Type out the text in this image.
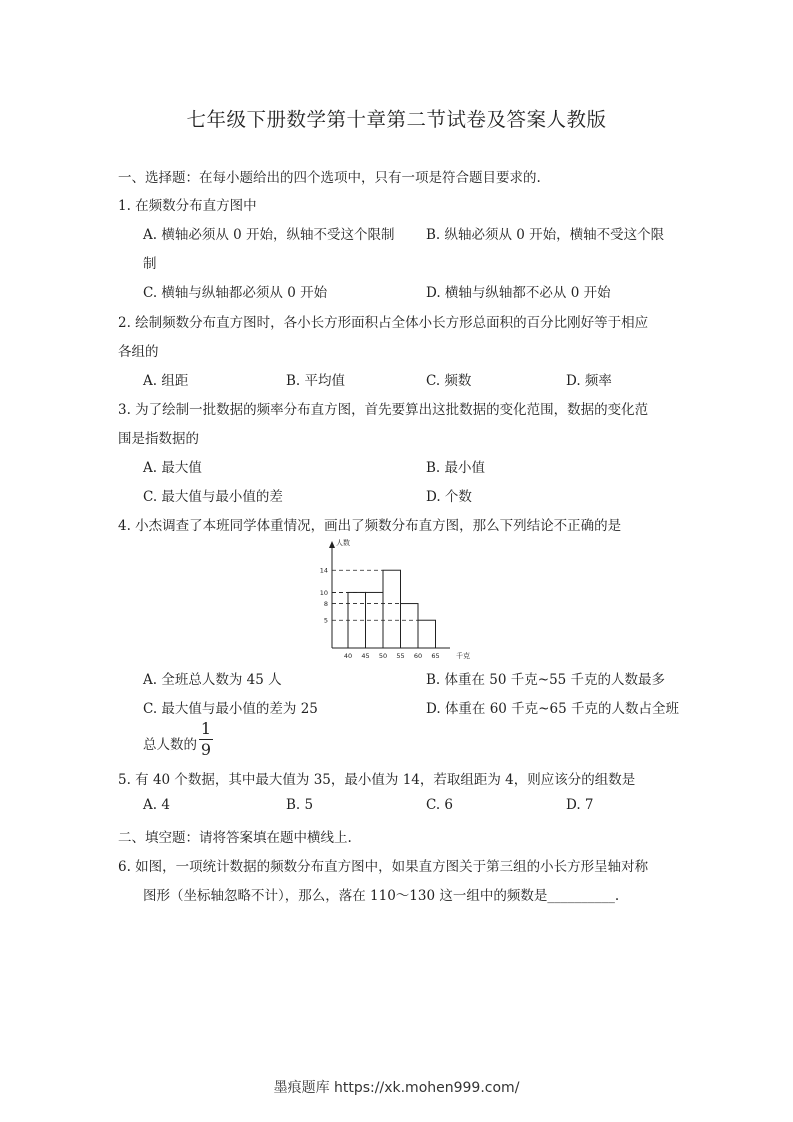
七年级下册数学第十章第二节试卷及答案人教版
一、选择题：在每小题给出的四个选项中，只有一项是符合题目要求的.
1. 在频数分布直方图中
A. 横轴必须从 0 开始，纵轴不受这个限制 B. 纵轴必须从 0 开始，横轴不受这个限
制
C. 横轴与纵轴都必须从 0 开始	D. 横轴与纵轴都不必从 0 开始
2. 绘制频数分布直方图时，各小长方形面积占全体小长方形总面积的百分比刚好等于相应
各组的
A. 组距	B. 平均值	C. 频数	D. 频率
3. 为了绘制一批数据的频率分布直方图，首先要算出这批数据的变化范围，数据的变化范
围是指数据的
A. 最大值	B. 最小值
C. 最大值与最小值的差	D. 个数
4. 小杰调查了本班同学体重情况，画出了频数分布直方图，那么下列结论不正确的是
14
10
8
5
40 45 50 55 60 65
人数
千克
A. 全班总人数为 45 人	B. 体重在 50 千克~55 千克的人数最多
C. 最大值与最小值的差为 25	D. 体重在 60 千克~65 千克的人数占全班
总人数的
1
9
5. 有 40 个数据，其中最大值为 35，最小值为 14，若取组距为 4，则应该分的组数是
A. 4	B. 5	C. 6	D. 7
二、填空题：请将答案填在题中横线上.
6. 如图，一项统计数据的频数分布直方图中，如果直方图关于第三组的小长方形呈轴对称
图形（坐标轴忽略不计），那么，落在 110～130 这一组中的频数是__________.
墨痕题库 https://xk.mohen999.com/
